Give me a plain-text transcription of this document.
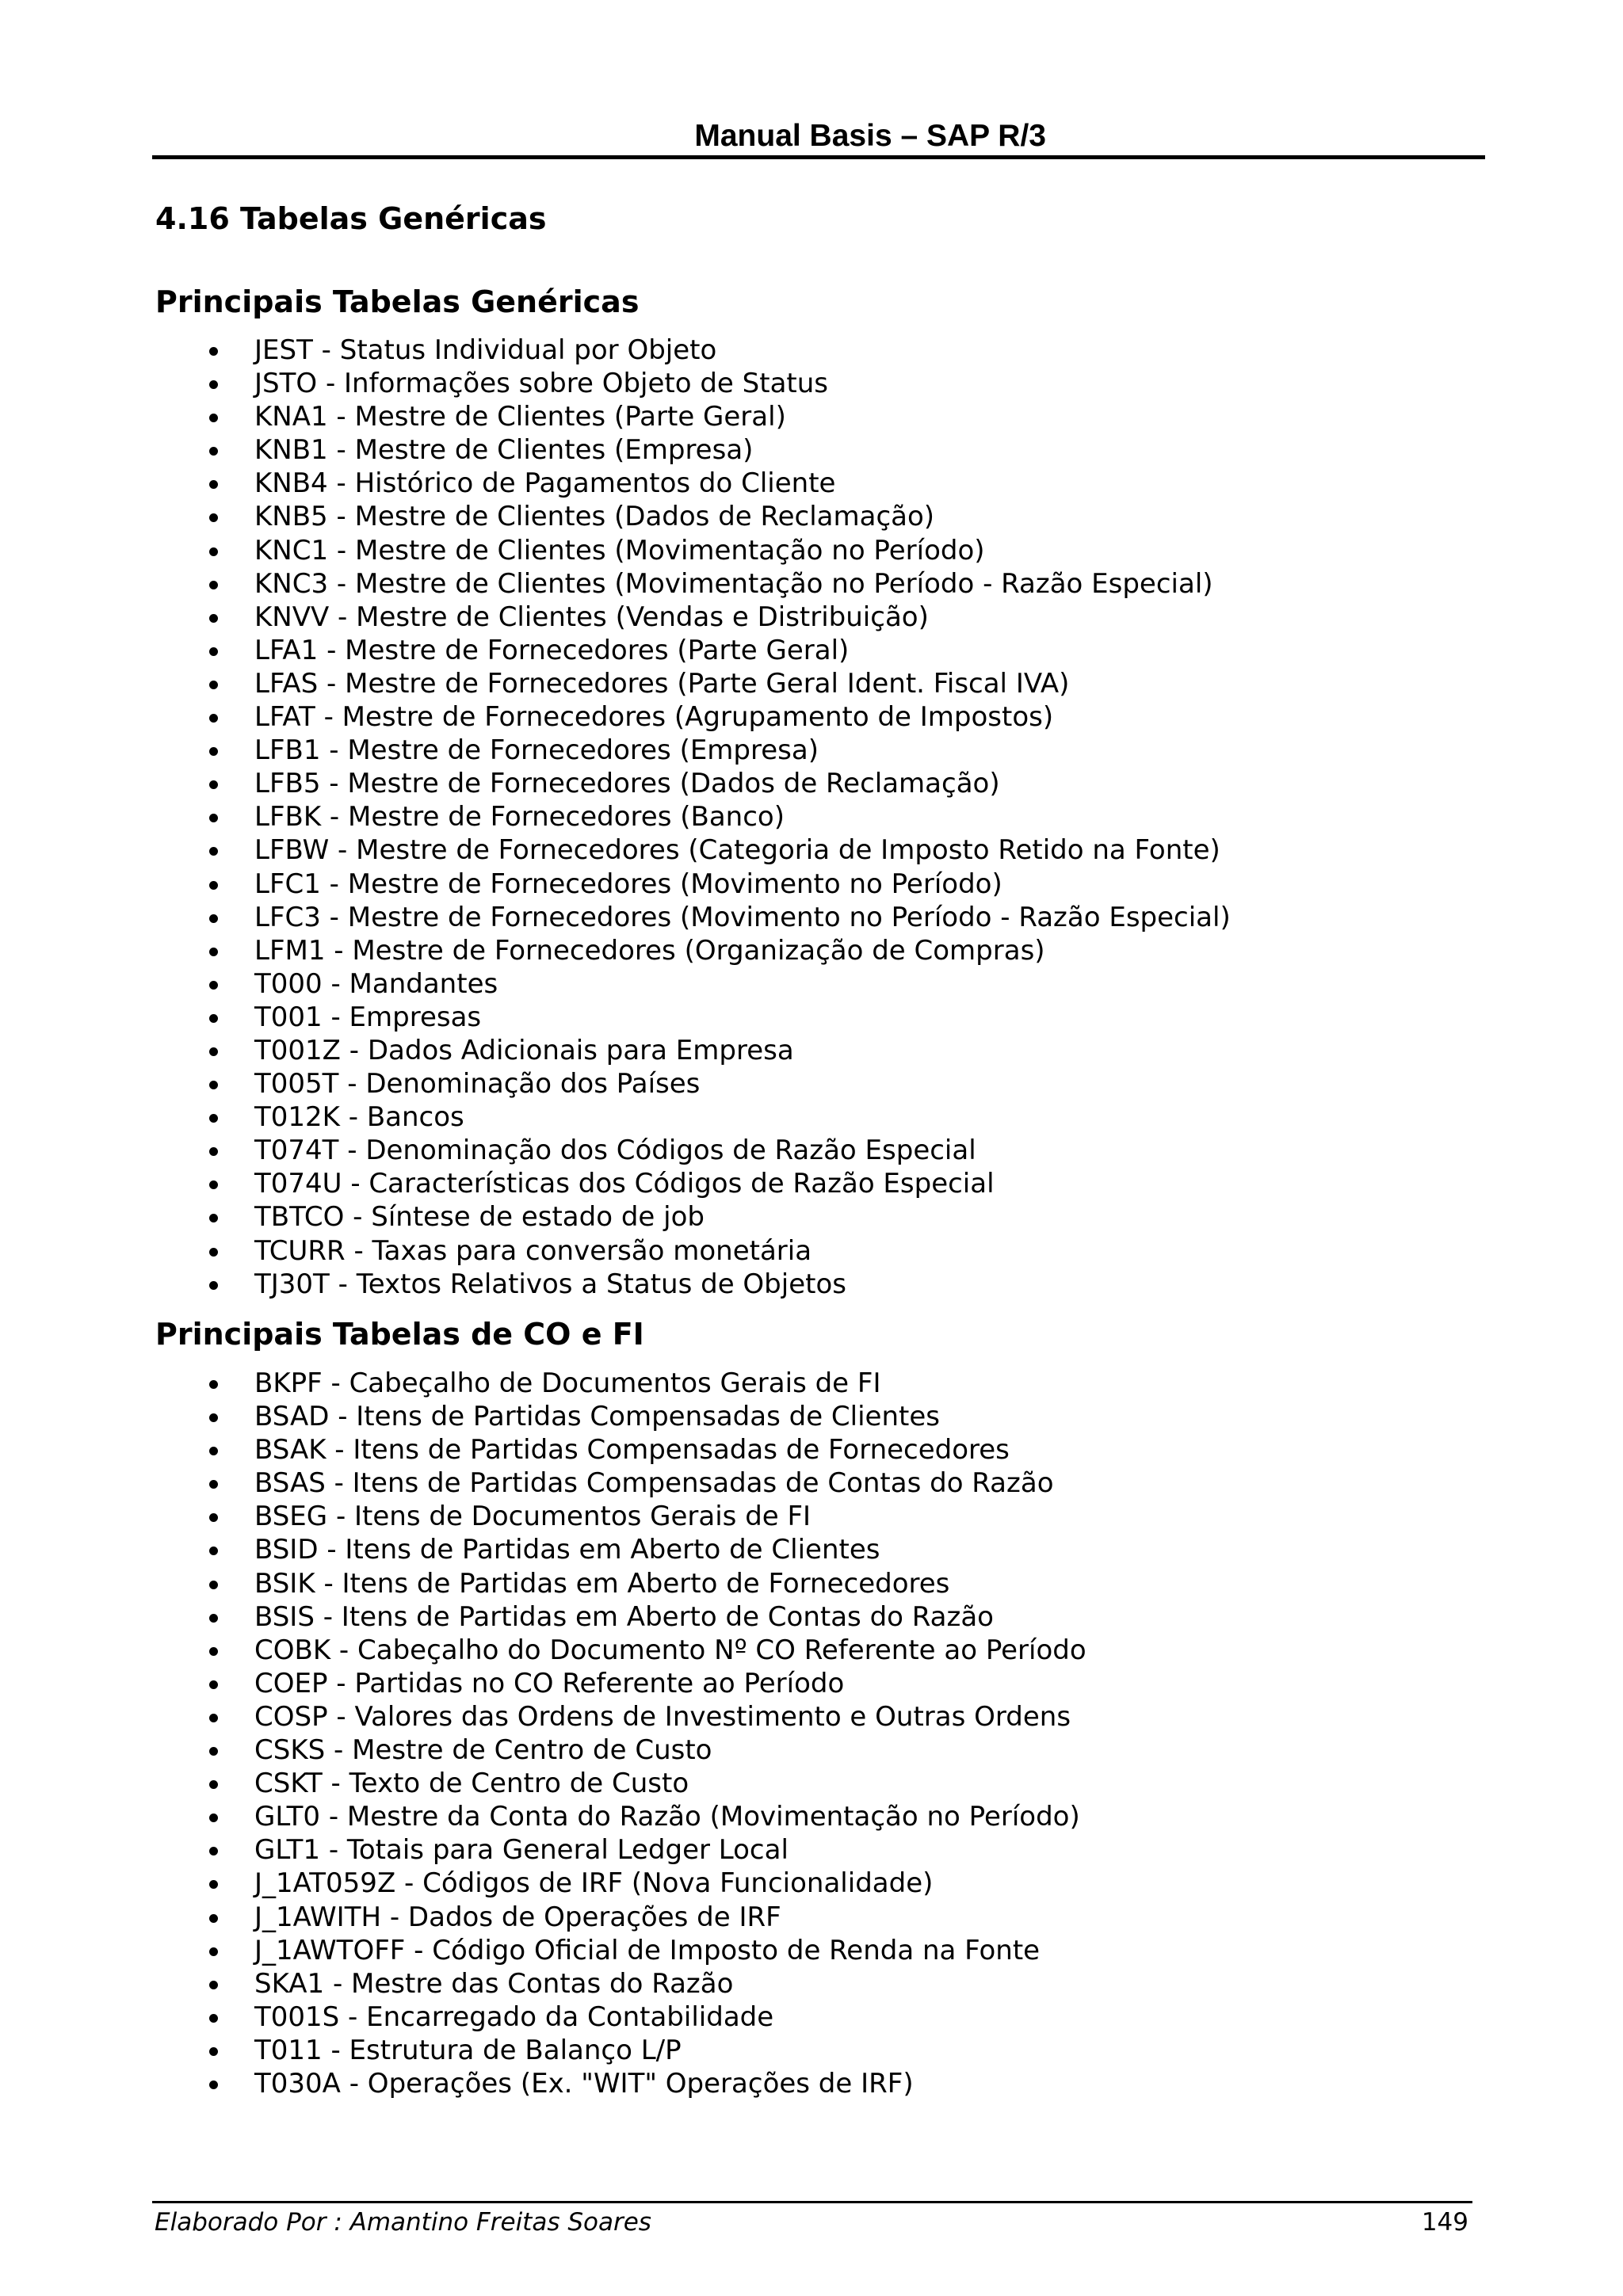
Manual Basis – SAP R/3
4.16 Tabelas Genéricas
Principais Tabelas Genéricas
JEST - Status Individual por Objeto
JSTO - Informações sobre Objeto de Status
KNA1 - Mestre de Clientes (Parte Geral)
KNB1 - Mestre de Clientes (Empresa)
KNB4 - Histórico de Pagamentos do Cliente
KNB5 - Mestre de Clientes (Dados de Reclamação)
KNC1 - Mestre de Clientes (Movimentação no Período)
KNC3 - Mestre de Clientes (Movimentação no Período - Razão Especial)
KNVV - Mestre de Clientes (Vendas e Distribuição)
LFA1 - Mestre de Fornecedores (Parte Geral)
LFAS - Mestre de Fornecedores (Parte Geral Ident. Fiscal IVA)
LFAT - Mestre de Fornecedores (Agrupamento de Impostos)
LFB1 - Mestre de Fornecedores (Empresa)
LFB5 - Mestre de Fornecedores (Dados de Reclamação)
LFBK - Mestre de Fornecedores (Banco)
LFBW - Mestre de Fornecedores (Categoria de Imposto Retido na Fonte)
LFC1 - Mestre de Fornecedores (Movimento no Período)
LFC3 - Mestre de Fornecedores (Movimento no Período - Razão Especial)
LFM1 - Mestre de Fornecedores (Organização de Compras)
T000 - Mandantes
T001 - Empresas
T001Z - Dados Adicionais para Empresa
T005T - Denominação dos Países
T012K - Bancos
T074T - Denominação dos Códigos de Razão Especial
T074U - Características dos Códigos de Razão Especial
TBTCO - Síntese de estado de job
TCURR - Taxas para conversão monetária
TJ30T - Textos Relativos a Status de Objetos
Principais Tabelas de CO e FI
BKPF - Cabeçalho de Documentos Gerais de FI
BSAD - Itens de Partidas Compensadas de Clientes
BSAK - Itens de Partidas Compensadas de Fornecedores
BSAS - Itens de Partidas Compensadas de Contas do Razão
BSEG - Itens de Documentos Gerais de FI
BSID - Itens de Partidas em Aberto de Clientes
BSIK - Itens de Partidas em Aberto de Fornecedores
BSIS - Itens de Partidas em Aberto de Contas do Razão
COBK - Cabeçalho do Documento Nº CO Referente ao Período
COEP - Partidas no CO Referente ao Período
COSP - Valores das Ordens de Investimento e Outras Ordens
CSKS - Mestre de Centro de Custo
CSKT - Texto de Centro de Custo
GLT0 - Mestre da Conta do Razão (Movimentação no Período)
GLT1 - Totais para General Ledger Local
J_1AT059Z - Códigos de IRF (Nova Funcionalidade)
J_1AWITH - Dados de Operações de IRF
J_1AWTOFF - Código Oficial de Imposto de Renda na Fonte
SKA1 - Mestre das Contas do Razão
T001S - Encarregado da Contabilidade
T011 - Estrutura de Balanço L/P
T030A - Operações (Ex. "WIT" Operações de IRF)
Elaborado Por : Amantino Freitas Soares	149
